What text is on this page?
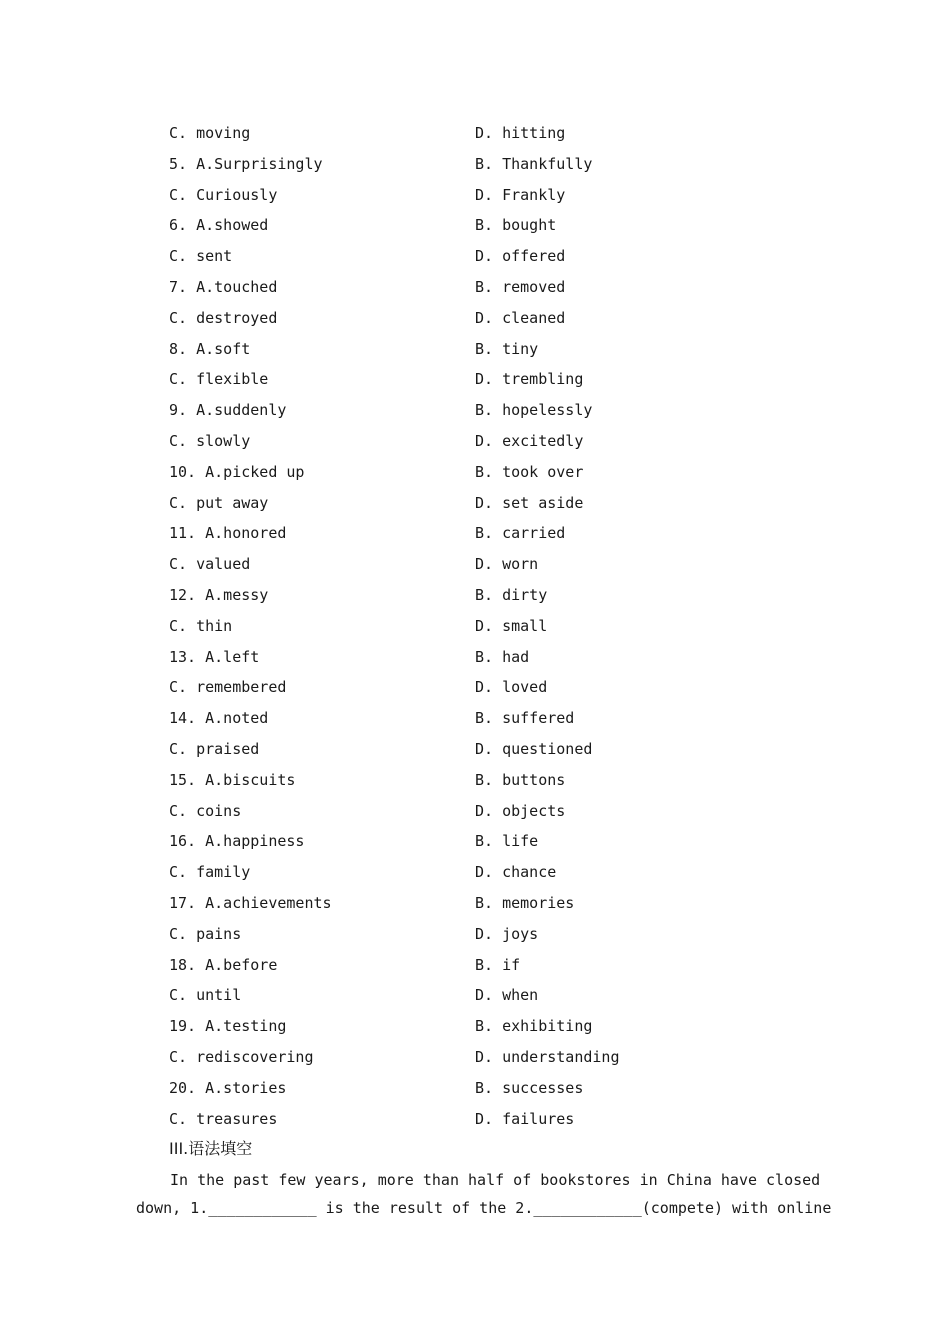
C. moving	D. hitting
5. A.Surprisingly	B. Thankfully
C. Curiously	D. Frankly
6. A.showed	B. bought
C. sent	D. offered
7. A.touched	B. removed
C. destroyed	D. cleaned
8. A.soft	B. tiny
C. flexible	D. trembling
9. A.suddenly	B. hopelessly
C. slowly	D. excitedly
10. A.picked up	B. took over
C. put away	D. set aside
11. A.honored	B. carried
C. valued	D. worn
12. A.messy	B. dirty
C. thin	D. small
13. A.left	B. had
C. remembered	D. loved
14. A.noted	B. suffered
C. praised	D. questioned
15. A.biscuits	B. buttons
C. coins	D. objects
16. A.happiness	B. life
C. family	D. chance
17. A.achievements	B. memories
C. pains	D. joys
18. A.before	B. if
C. until	D. when
19. A.testing	B. exhibiting
C. rediscovering	D. understanding
20. A.stories	B. successes
C. treasures	D. failures
III.语法填空
In the past few years, more than half of bookstores in China have closed
down, 1.____________ is the result of the 2.____________(compete) with online
